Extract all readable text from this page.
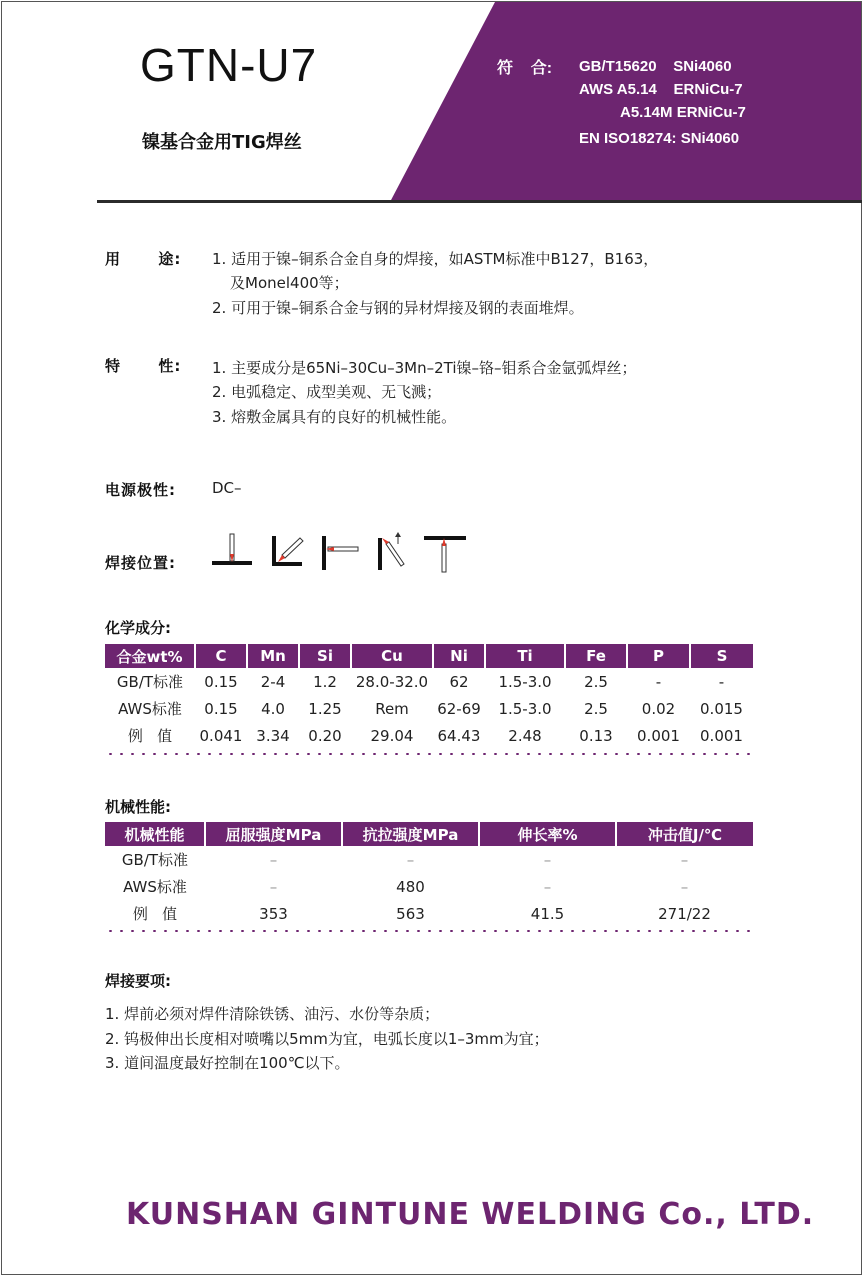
GTN-U7
镍基合金用TIG焊丝
符    合: GB/T15620    SNi4060
AWS A5.14    ERNiCu-7
A5.14M ERNiCu-7
EN ISO18274: SNi4060
用      途: 1. 适用于镍–铜系合金自身的焊接，如ASTM标准中B127，B163，
及Monel400等；
2. 可用于镍–铜系合金与钢的异材焊接及钢的表面堆焊。
特      性: 1. 主要成分是65Ni–30Cu–3Mn–2Ti镍–铬–钼系合金氩弧焊丝；
2. 电弧稳定、成型美观、无飞溅；
3. 熔敷金属具有的良好的机械性能。
电源极性: DC–
焊接位置:
化学成分:
合金wt%	C	Mn	Si	Cu	Ni	Ti	Fe	P	S
GB/T标准	0.15	2-4	1.2	28.0-32.0	62	1.5-3.0	2.5	-	-
AWS标准	0.15	4.0	1.25	Rem	62-69	1.5-3.0	2.5	0.02	0.015
例   值	0.041	3.34	0.20	29.04	64.43	2.48	0.13	0.001	0.001
机械性能:
机械性能	屈服强度MPa	抗拉强度MPa	伸长率%	冲击值J/℃
GB/T标准	–	–	–	–
AWS标准	–	480	–	–
例   值	353	563	41.5	271/22
焊接要项:
1. 焊前必须对焊件清除铁锈、油污、水份等杂质；
2. 钨极伸出长度相对喷嘴以5mm为宜，电弧长度以1–3mm为宜；
3. 道间温度最好控制在100℃以下。
KUNSHAN GINTUNE WELDING Co., LTD.
